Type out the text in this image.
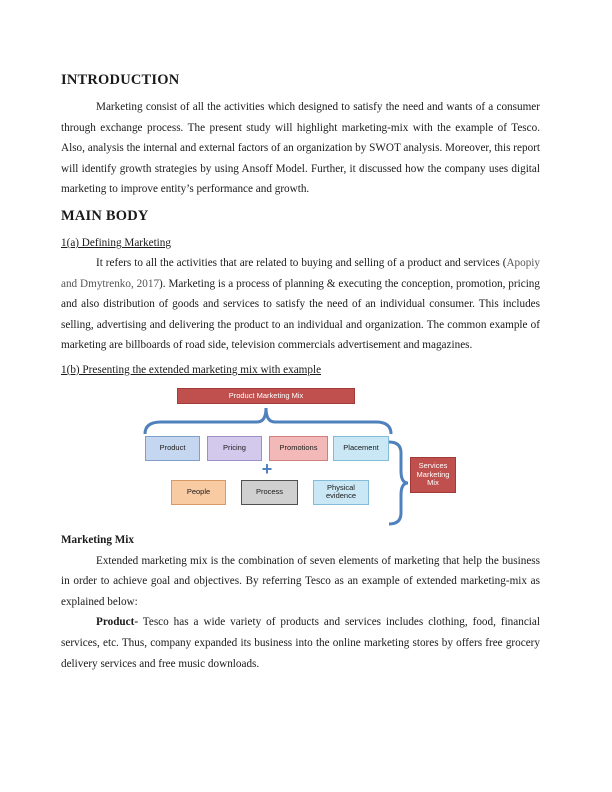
INTRODUCTION

Marketing consist of all the activities which designed to satisfy the need and wants of a consumer through exchange process. The present study will highlight marketing-mix with the example of Tesco. Also, analysis the internal and external factors of an organization by SWOT analysis. Moreover, this report will identify growth strategies by using Ansoff Model. Further, it discussed how the company uses digital marketing to improve entity’s performance and growth.

MAIN BODY

1(a) Defining Marketing

It refers to all the activities that are related to buying and selling of a product and services (Apopiy and Dmytrenko, 2017). Marketing is a process of planning & executing the conception, promotion, pricing and also distribution of goods and services to satisfy the need of an individual consumer. This includes selling, advertising and delivering the product to an individual and organization. The common example of marketing are billboards of road side, television commercials advertisement and magazines.

1(b) Presenting the extended marketing mix with example

Product Marketing Mix
Product	Pricing	Promotions	Placement
+
People	Process	Physical evidence
Services Marketing Mix

Marketing Mix

Extended marketing mix is the combination of seven elements of marketing that help the business in order to achieve goal and objectives. By referring Tesco as an example of extended marketing-mix as explained below:

Product- Tesco has a wide variety of products and services includes clothing, food, financial services, etc. Thus, company expanded its business into the online marketing stores by offers free grocery delivery services and free music downloads.
